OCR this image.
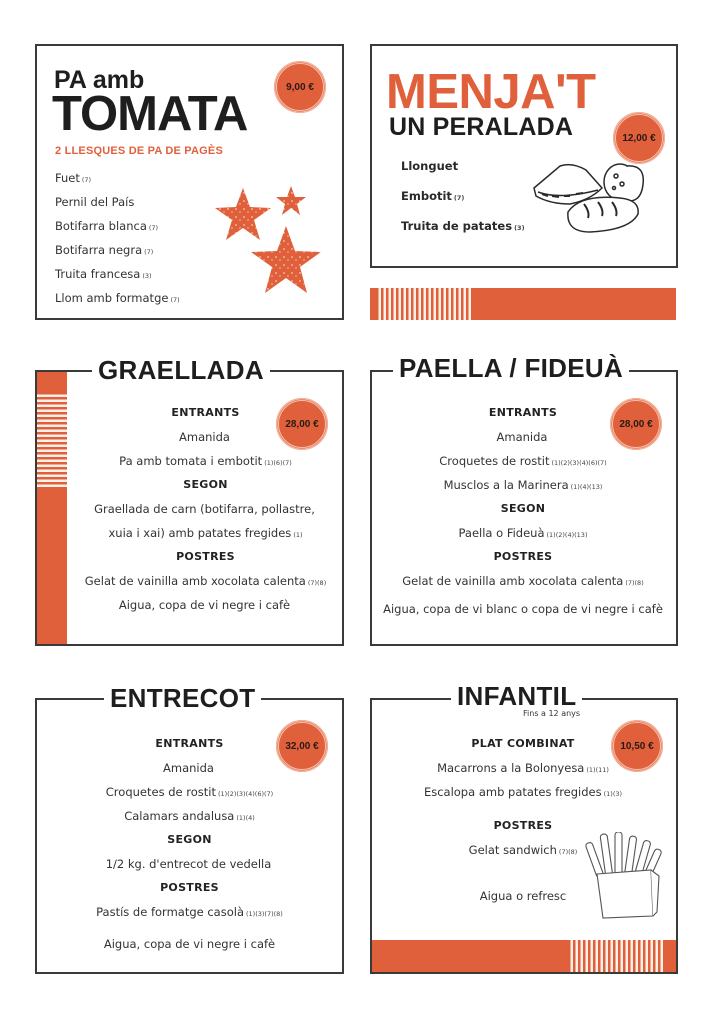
PA amb
TOMATA	9,00 €
2 LLESQUES DE PA DE PAGÈS
Fuet (7)
Pernil del País
Botifarra blanca (7)
Botifarra negra (7)
Truita francesa (3)
Llom amb formatge (7)
MENJA'T
UN PERALADA	12,00 €
Llonguet
Embotit (7)
Truita de patates (3)
GRAELLADA
28,00 €
ENTRANTS
Amanida
Pa amb tomata i embotit (1)(6)(7)
SEGON
Graellada de carn (botifarra, pollastre,
xuia i xai) amb patates fregides (1)
POSTRES
Gelat de vainilla amb xocolata calenta (7)(8)
Aigua, copa de vi negre i cafè
PAELLA / FIDEUÀ
28,00 €
ENTRANTS
Amanida
Croquetes de rostit (1)(2)(3)(4)(6)(7)
Musclos a la Marinera (1)(4)(13)
SEGON
Paella o Fideuà (1)(2)(4)(13)
POSTRES
Gelat de vainilla amb xocolata calenta (7)(8)
Aigua, copa de vi blanc o copa de vi negre i cafè
ENTRECOT
32,00 €
ENTRANTS
Amanida
Croquetes de rostit (1)(2)(3)(4)(6)(7)
Calamars andalusa (1)(4)
SEGON
1/2 kg. d'entrecot de vedella
POSTRES
Pastís de formatge casolà (1)(3)(7)(8)
Aigua, copa de vi negre i cafè
INFANTIL
Fins a 12 anys
10,50 €
PLAT COMBINAT
Macarrons a la Bolonyesa (1)(11)
Escalopa amb patates fregides (1)(3)
POSTRES
Gelat sandwich (7)(8)
Aigua o refresc
